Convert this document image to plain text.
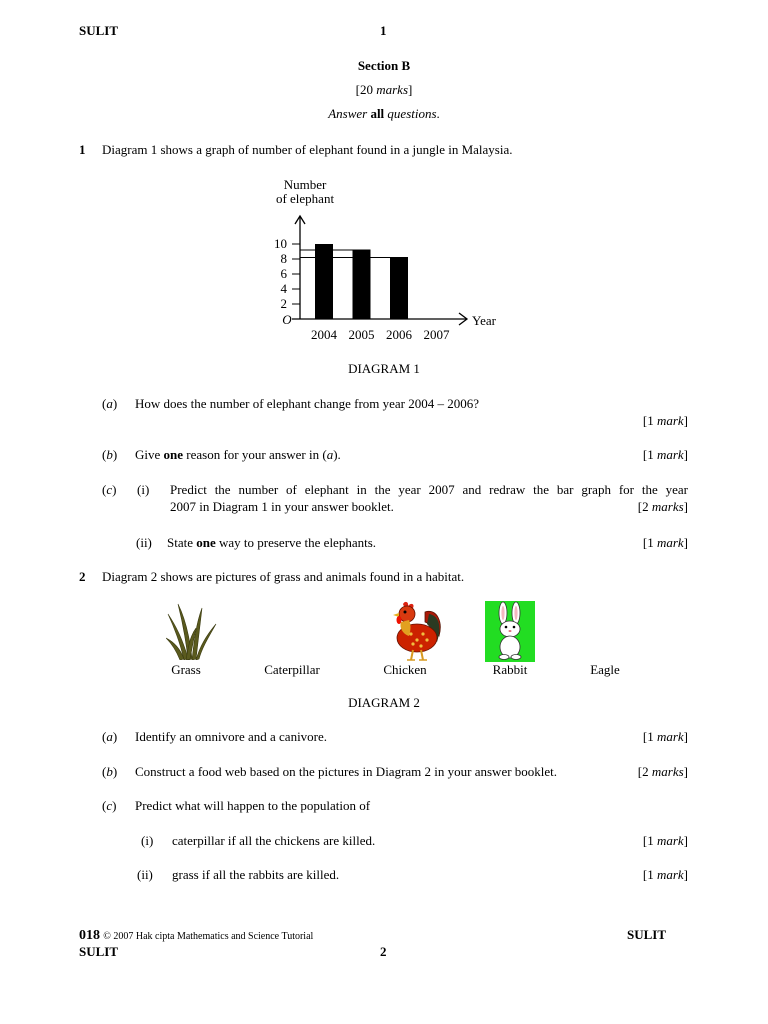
SULIT	1
Section B
[20 marks]
Answer all questions.
1 Diagram 1 shows a graph of number of elephant found in a jungle in Malaysia.
Number
of elephant
10
8
6
4
2
2004 2005 2006 2007
O	Year
DIAGRAM 1
(a) How does the number of elephant change from year 2004 – 2006?
[1 mark]
(b) Give one reason for your answer in (a).	[1 mark]
(c) (i) Predict the number of elephant in the year 2007 and redraw the bar graph for the year
2007 in Diagram 1 in your answer booklet.	[2 marks]
(ii) State one way to preserve the elephants.	[1 mark]
2 Diagram 2 shows are pictures of grass and animals found in a habitat.
Grass	Caterpillar	Chicken	Rabbit	Eagle
DIAGRAM 2
(a) Identify an omnivore and a canivore.	[1 mark]
(b) Construct a food web based on the pictures in Diagram 2 in your answer booklet.	[2 marks]
(c) Predict what will happen to the population of
(i) caterpillar if all the chickens are killed.	[1 mark]
(ii) grass if all the rabbits are killed.	[1 mark]
018 © 2007 Hak cipta Mathematics and Science Tutorial	SULIT
SULIT	2
